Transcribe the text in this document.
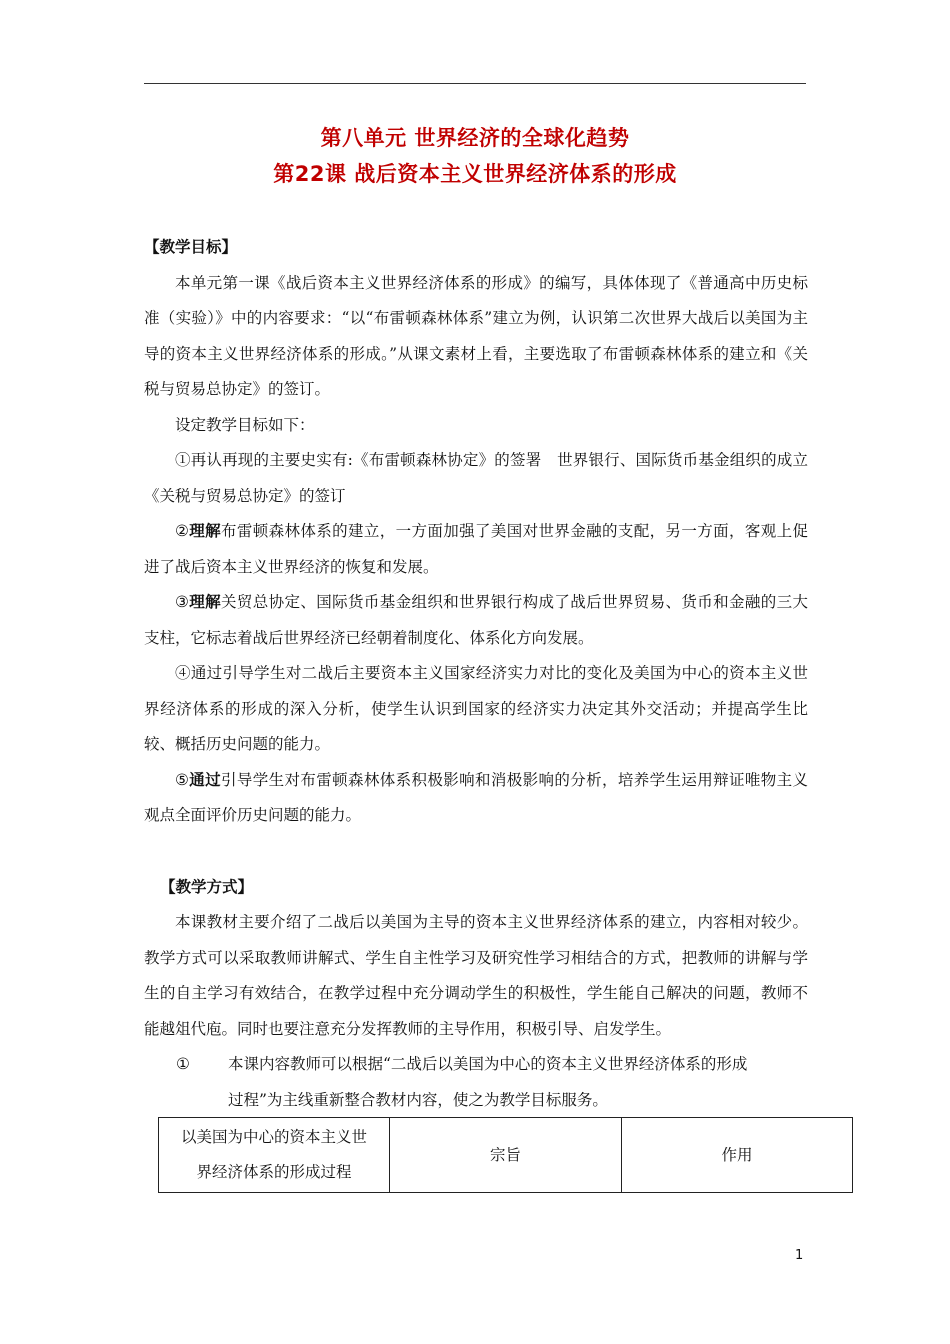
第八单元 世界经济的全球化趋势
第22课 战后资本主义世界经济体系的形成
【教学目标】

本单元第一课《战后资本主义世界经济体系的形成》的编写，具体体现了《普通高中历史标准（实验）》中的内容要求：“以“布雷顿森林体系”建立为例，认识第二次世界大战后以美国为主导的资本主义世界经济体系的形成。”从课文素材上看，主要选取了布雷顿森林体系的建立和《关税与贸易总协定》的签订。

设定教学目标如下：

①再认再现的主要史实有:《布雷顿森林协定》的签署　世界银行、国际货币基金组织的成立　　《关税与贸易总协定》的签订

②理解布雷顿森林体系的建立，一方面加强了美国对世界金融的支配，另一方面，客观上促进了战后资本主义世界经济的恢复和发展。

③理解关贸总协定、国际货币基金组织和世界银行构成了战后世界贸易、货币和金融的三大支柱，它标志着战后世界经济已经朝着制度化、体系化方向发展。

④通过引导学生对二战后主要资本主义国家经济实力对比的变化及美国为中心的资本主义世界经济体系的形成的深入分析，使学生认识到国家的经济实力决定其外交活动；并提高学生比较、概括历史问题的能力。

⑤通过引导学生对布雷顿森林体系积极影响和消极影响的分析，培养学生运用辩证唯物主义观点全面评价历史问题的能力。

【教学方式】

本课教材主要介绍了二战后以美国为主导的资本主义世界经济体系的建立，内容相对较少。教学方式可以采取教师讲解式、学生自主性学习及研究性学习相结合的方式，把教师的讲解与学生的自主学习有效结合，在教学过程中充分调动学生的积极性，学生能自己解决的问题，教师不能越俎代庖。同时也要注意充分发挥教师的主导作用，积极引导、启发学生。

①	本课内容教师可以根据“二战后以美国为中心的资本主义世界经济体系的形成
过程”为主线重新整合教材内容，使之为教学目标服务。
以美国为中心的资本主义世
界经济体系的形成过程
	宗旨	作用
1
